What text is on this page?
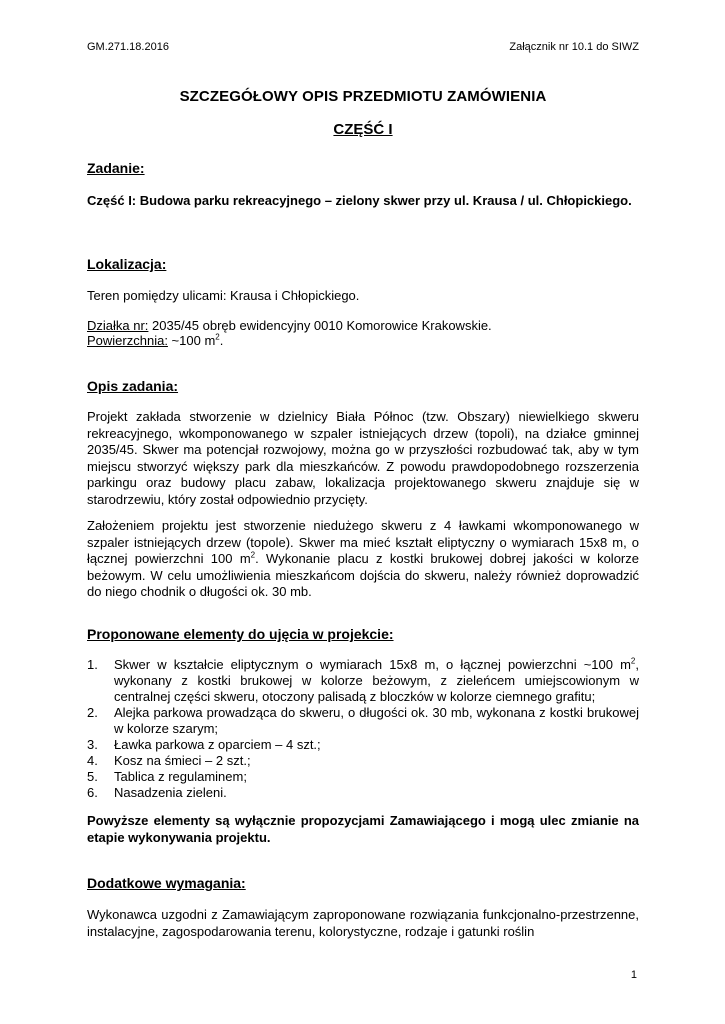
GM.271.18.2016	Załącznik nr 10.1 do SIWZ
SZCZEGÓŁOWY OPIS PRZEDMIOTU ZAMÓWIENIA
CZĘŚĆ I
Zadanie:
Część I: Budowa parku rekreacyjnego – zielony skwer przy ul. Krausa / ul. Chłopickiego.
Lokalizacja:
Teren pomiędzy ulicami: Krausa i Chłopickiego.
Działka nr: 2035/45 obręb ewidencyjny 0010 Komorowice Krakowskie.
Powierzchnia: ~100 $m^2$.
Opis zadania:
Projekt zakłada stworzenie w dzielnicy Biała Północ (tzw. Obszary) niewielkiego skweru rekreacyjnego, wkomponowanego w szpaler istniejących drzew (topoli), na działce gminnej 2035/45. Skwer ma potencjał rozwojowy, można go w przyszłości rozbudować tak, aby w tym miejscu stworzyć większy park dla mieszkańców. Z powodu prawdopodobnego rozszerzenia parkingu oraz budowy placu zabaw, lokalizacja projektowanego skweru znajduje się w starodrzewiu, który został odpowiednio przycięty.
Założeniem projektu jest stworzenie niedużego skweru z 4 ławkami wkomponowanego w szpaler istniejących drzew (topole). Skwer ma mieć kształt eliptyczny o wymiarach 15x8 m, o łącznej powierzchni 100 $m^2$. Wykonanie placu z kostki brukowej dobrej jakości w kolorze beżowym. W celu umożliwienia mieszkańcom dojścia do skweru, należy również doprowadzić do niego chodnik o długości ok. 30 mb.
Proponowane elementy do ujęcia w projekcie:
1. Skwer w kształcie eliptycznym o wymiarach 15x8 m, o łącznej powierzchni ~100 $m^2$, wykonany z kostki brukowej w kolorze beżowym, z zieleńcem umiejscowionym w centralnej części skweru, otoczony palisadą z bloczków w kolorze ciemnego grafitu;
2. Alejka parkowa prowadząca do skweru, o długości ok. 30 mb, wykonana z kostki brukowej w kolorze szarym;
3. Ławka parkowa z oparciem – 4 szt.;
4. Kosz na śmieci – 2 szt.;
5. Tablica z regulaminem;
6. Nasadzenia zieleni.
Powyższe elementy są wyłącznie propozycjami Zamawiającego i mogą ulec zmianie na etapie wykonywania projektu.
Dodatkowe wymagania:
Wykonawca uzgodni z Zamawiającym zaproponowane rozwiązania funkcjonalno-przestrzenne, instalacyjne, zagospodarowania terenu, kolorystyczne, rodzaje i gatunki roślin
1
